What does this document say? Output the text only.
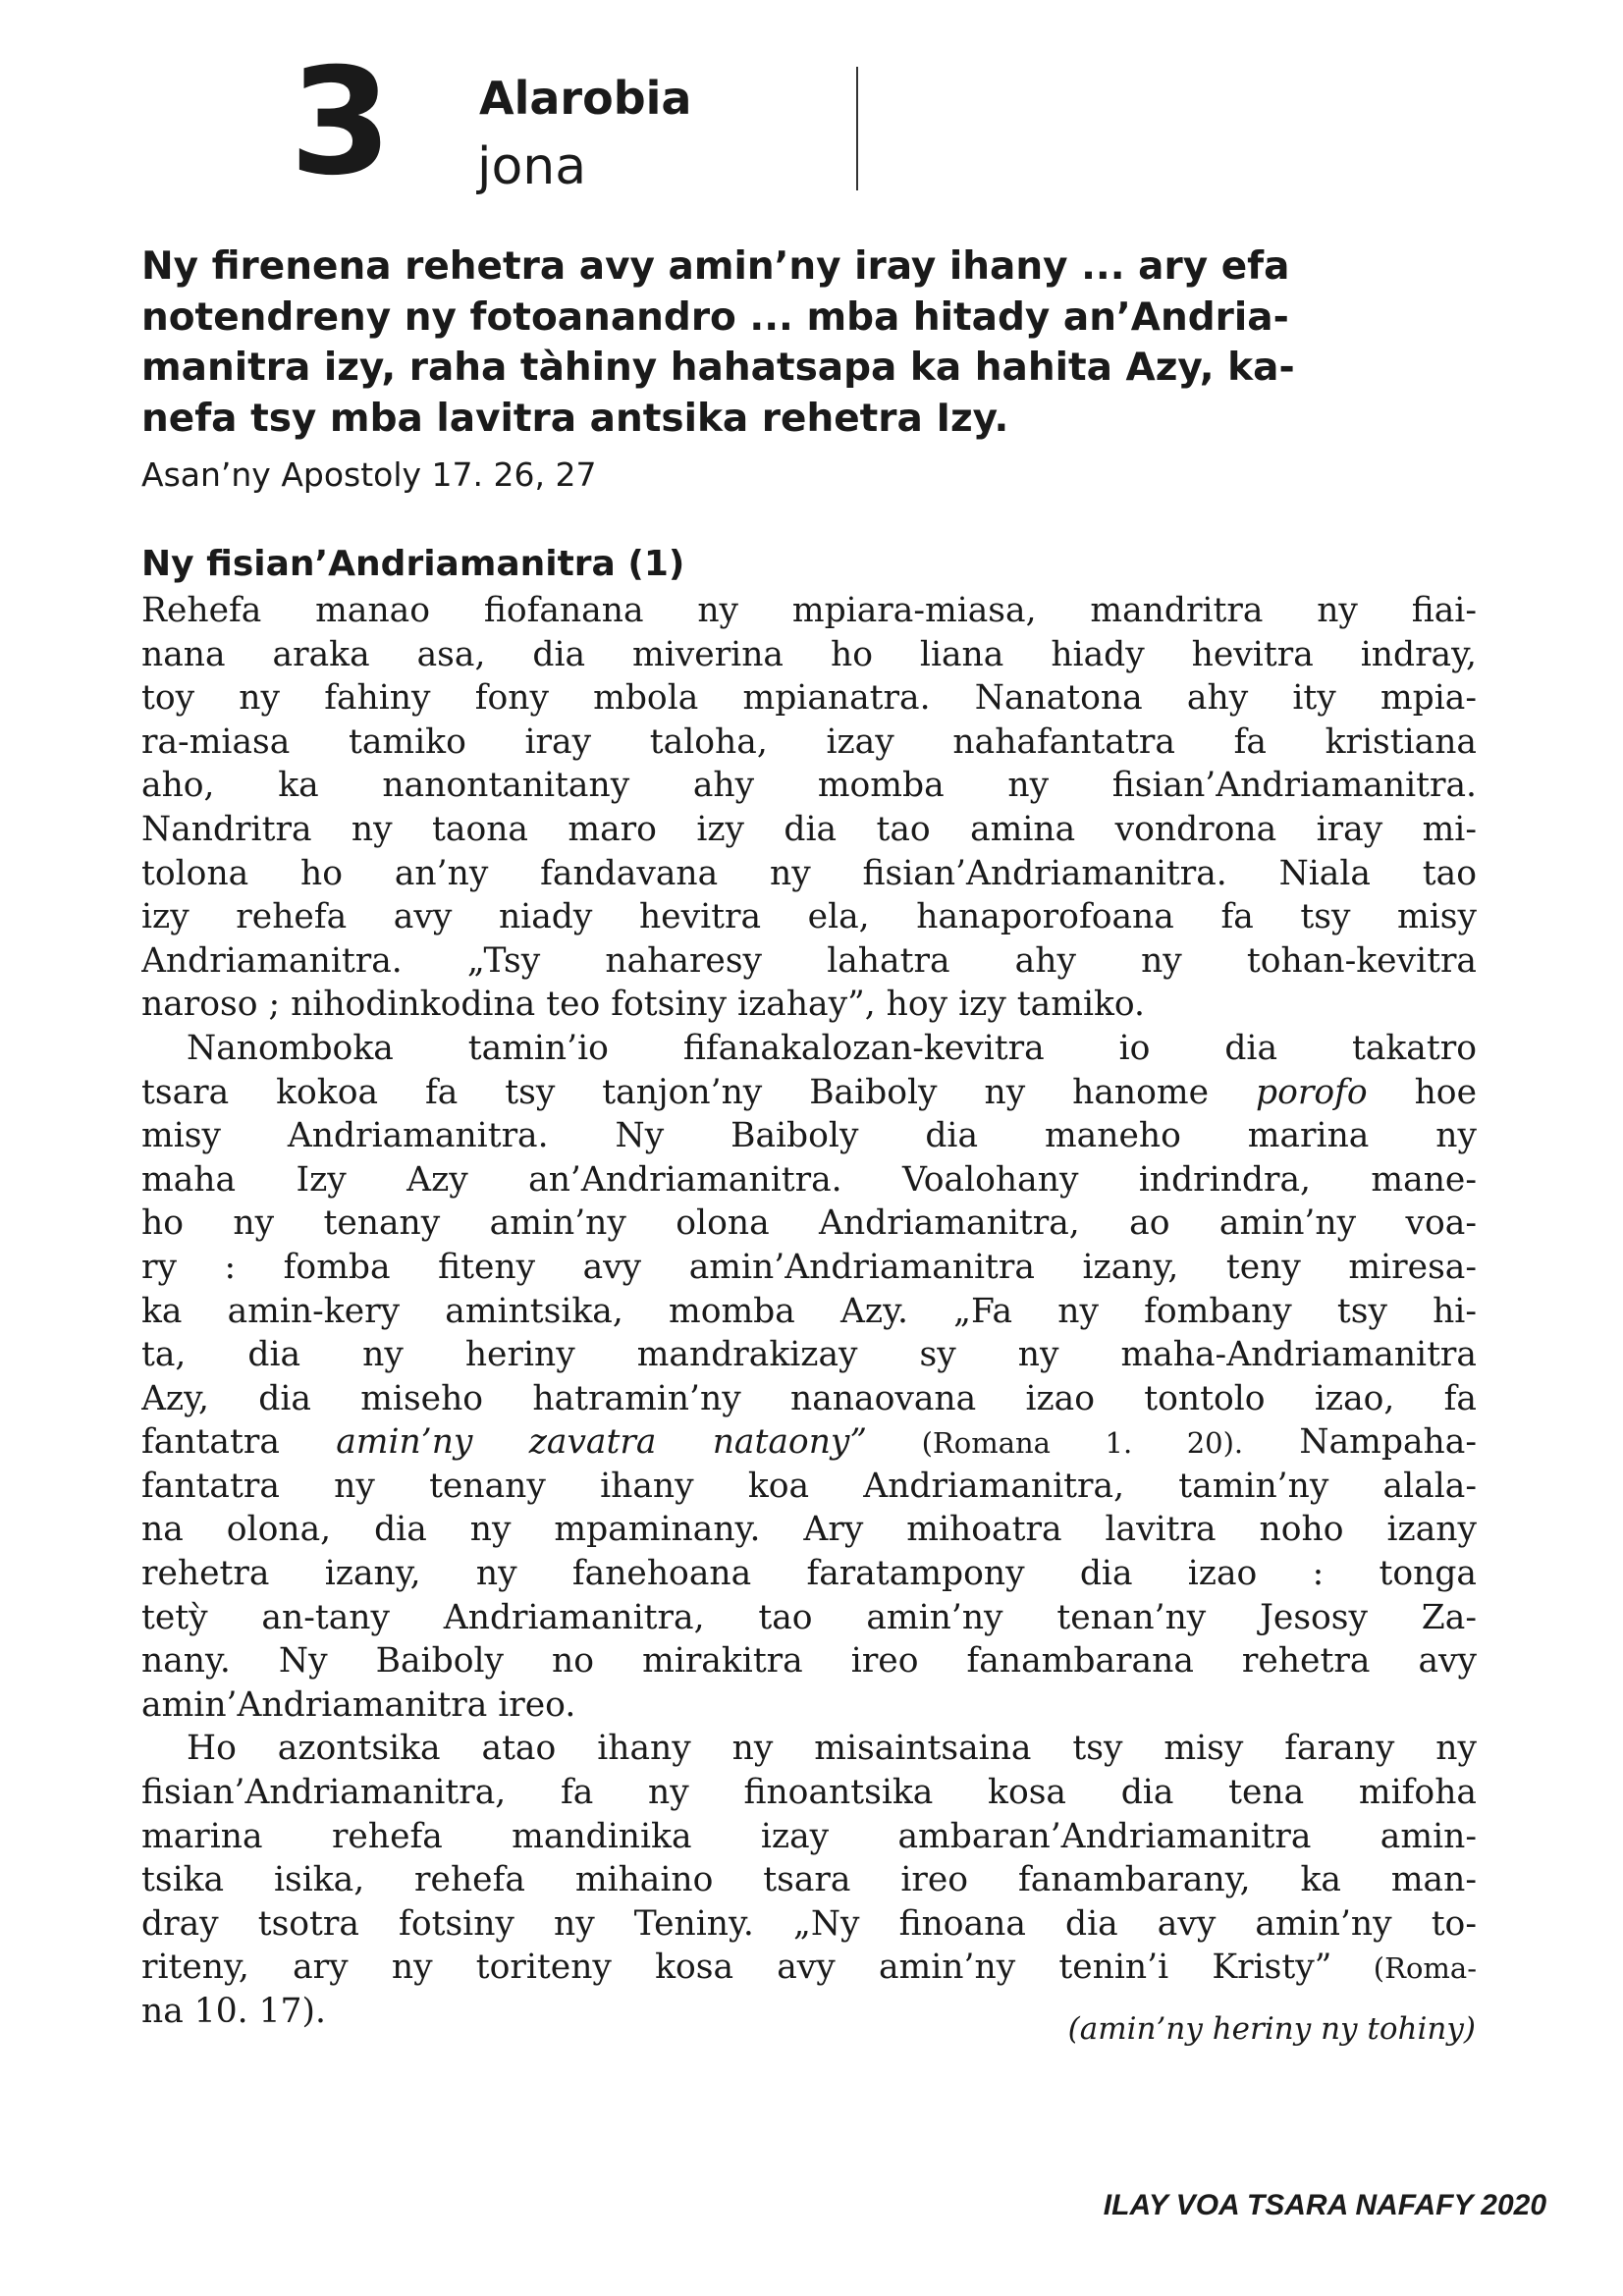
3	Alarobia
jona
Ny firenena rehetra avy amin’ny iray ihany ... ary efa
notendreny ny fotoanandro ... mba hitady an’Andria-
manitra izy, raha tàhiny hahatsapa ka hahita Azy, ka-
nefa tsy mba lavitra antsika rehetra Izy.
Asan’ny Apostoly 17. 26, 27
Ny fisian’Andriamanitra (1)
Rehefa manao fiofanana ny mpiara-miasa, mandritra ny fiai-
nana araka asa, dia miverina ho liana hiady hevitra indray,
toy ny fahiny fony mbola mpianatra. Nanatona ahy ity mpia-
ra-miasa tamiko iray taloha, izay nahafantatra fa kristiana
aho, ka nanontanitany ahy momba ny fisian’Andriamanitra.
Nandritra ny taona maro izy dia tao amina vondrona iray mi-
tolona ho an’ny fandavana ny fisian’Andriamanitra. Niala tao
izy rehefa avy niady hevitra ela, hanaporofoana fa tsy misy
Andriamanitra. „Tsy naharesy lahatra ahy ny tohan-kevitra
naroso ; nihodinkodina teo fotsiny izahay”, hoy izy tamiko.
Nanomboka tamin’io fifanakalozan-kevitra io dia takatro
tsara kokoa fa tsy tanjon’ny Baiboly ny hanome porofo hoe
misy Andriamanitra. Ny Baiboly dia maneho marina ny
maha Izy Azy an’Andriamanitra. Voalohany indrindra, mane-
ho ny tenany amin’ny olona Andriamanitra, ao amin’ny voa-
ry : fomba fiteny avy amin’Andriamanitra izany, teny miresa-
ka amin-kery amintsika, momba Azy. „Fa ny fombany tsy hi-
ta, dia ny heriny mandrakizay sy ny maha-Andriamanitra
Azy, dia miseho hatramin’ny nanaovana izao tontolo izao, fa
fantatra amin’ny zavatra nataony” (Romana 1. 20). Nampaha-
fantatra ny tenany ihany koa Andriamanitra, tamin’ny alala-
na olona, dia ny mpaminany. Ary mihoatra lavitra noho izany
rehetra izany, ny fanehoana faratampony dia izao : tonga
tetỳ an-tany Andriamanitra, tao amin’ny tenan’ny Jesosy Za-
nany. Ny Baiboly no mirakitra ireo fanambarana rehetra avy
amin’Andriamanitra ireo.
Ho azontsika atao ihany ny misaintsaina tsy misy farany ny
fisian’Andriamanitra, fa ny finoantsika kosa dia tena mifoha
marina rehefa mandinika izay ambaran’Andriamanitra amin-
tsika isika, rehefa mihaino tsara ireo fanambarany, ka man-
dray tsotra fotsiny ny Teniny. „Ny finoana dia avy amin’ny to-
riteny, ary ny toriteny kosa avy amin’ny tenin’i Kristy” (Roma-
na 10. 17).	(amin’ny heriny ny tohiny)
ILAY VOA TSARA NAFAFY 2020
